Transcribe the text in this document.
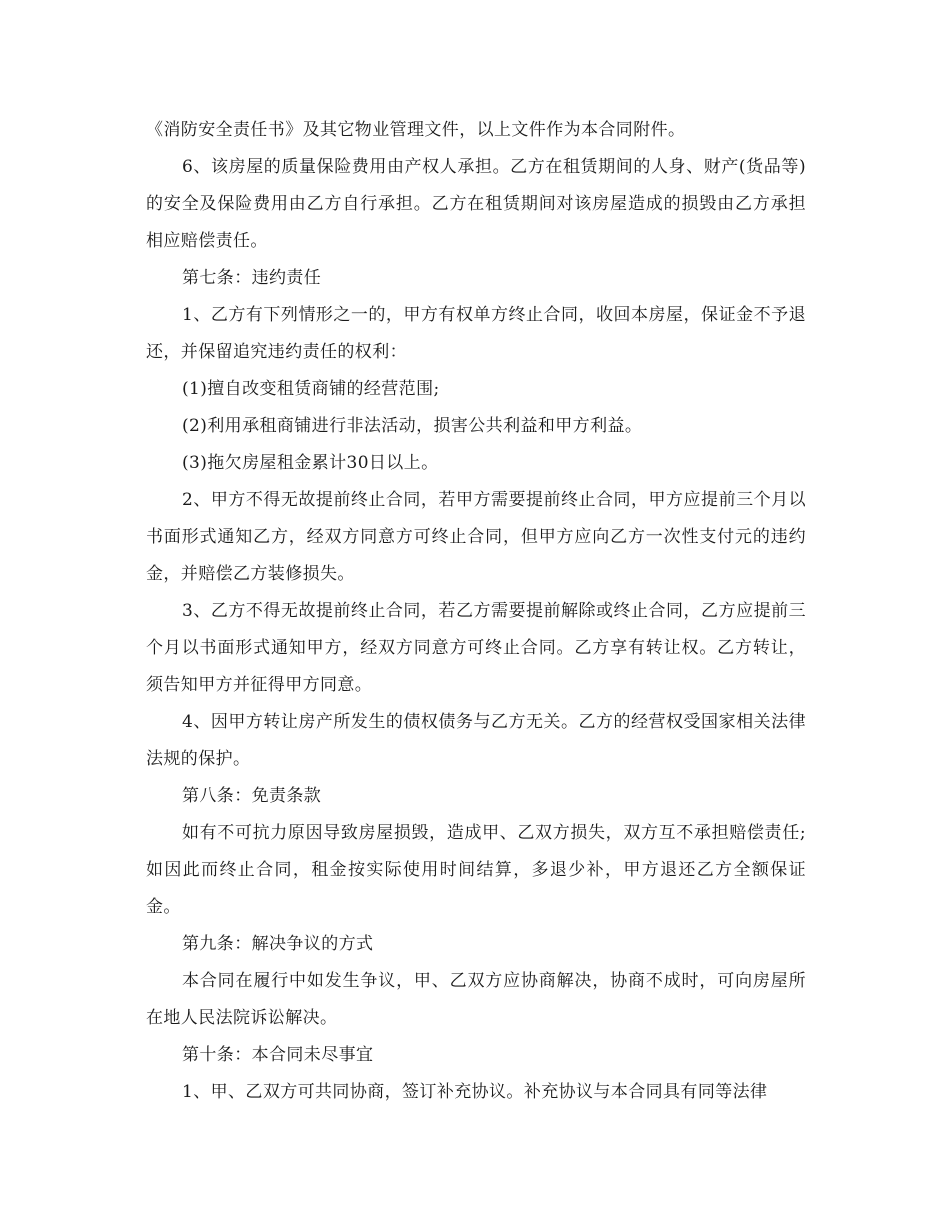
《消防安全责任书》及其它物业管理文件，以上文件作为本合同附件。

6、该房屋的质量保险费用由产权人承担。乙方在租赁期间的人身、财产(货品等)的安全及保险费用由乙方自行承担。乙方在租赁期间对该房屋造成的损毁由乙方承担相应赔偿责任。

第七条：违约责任

1、乙方有下列情形之一的，甲方有权单方终止合同，收回本房屋，保证金不予退还，并保留追究违约责任的权利：

(1)擅自改变租赁商铺的经营范围;

(2)利用承租商铺进行非法活动，损害公共利益和甲方利益。

(3)拖欠房屋租金累计30日以上。

2、甲方不得无故提前终止合同，若甲方需要提前终止合同，甲方应提前三个月以书面形式通知乙方，经双方同意方可终止合同，但甲方应向乙方一次性支付元的违约金，并赔偿乙方装修损失。

3、乙方不得无故提前终止合同，若乙方需要提前解除或终止合同，乙方应提前三个月以书面形式通知甲方，经双方同意方可终止合同。乙方享有转让权。乙方转让，须告知甲方并征得甲方同意。

4、因甲方转让房产所发生的债权债务与乙方无关。乙方的经营权受国家相关法律法规的保护。

第八条：免责条款

如有不可抗力原因导致房屋损毁，造成甲、乙双方损失，双方互不承担赔偿责任;如因此而终止合同，租金按实际使用时间结算，多退少补，甲方退还乙方全额保证金。

第九条：解决争议的方式

本合同在履行中如发生争议，甲、乙双方应协商解决，协商不成时，可向房屋所在地人民法院诉讼解决。

第十条：本合同未尽事宜

1、甲、乙双方可共同协商，签订补充协议。补充协议与本合同具有同等法律
